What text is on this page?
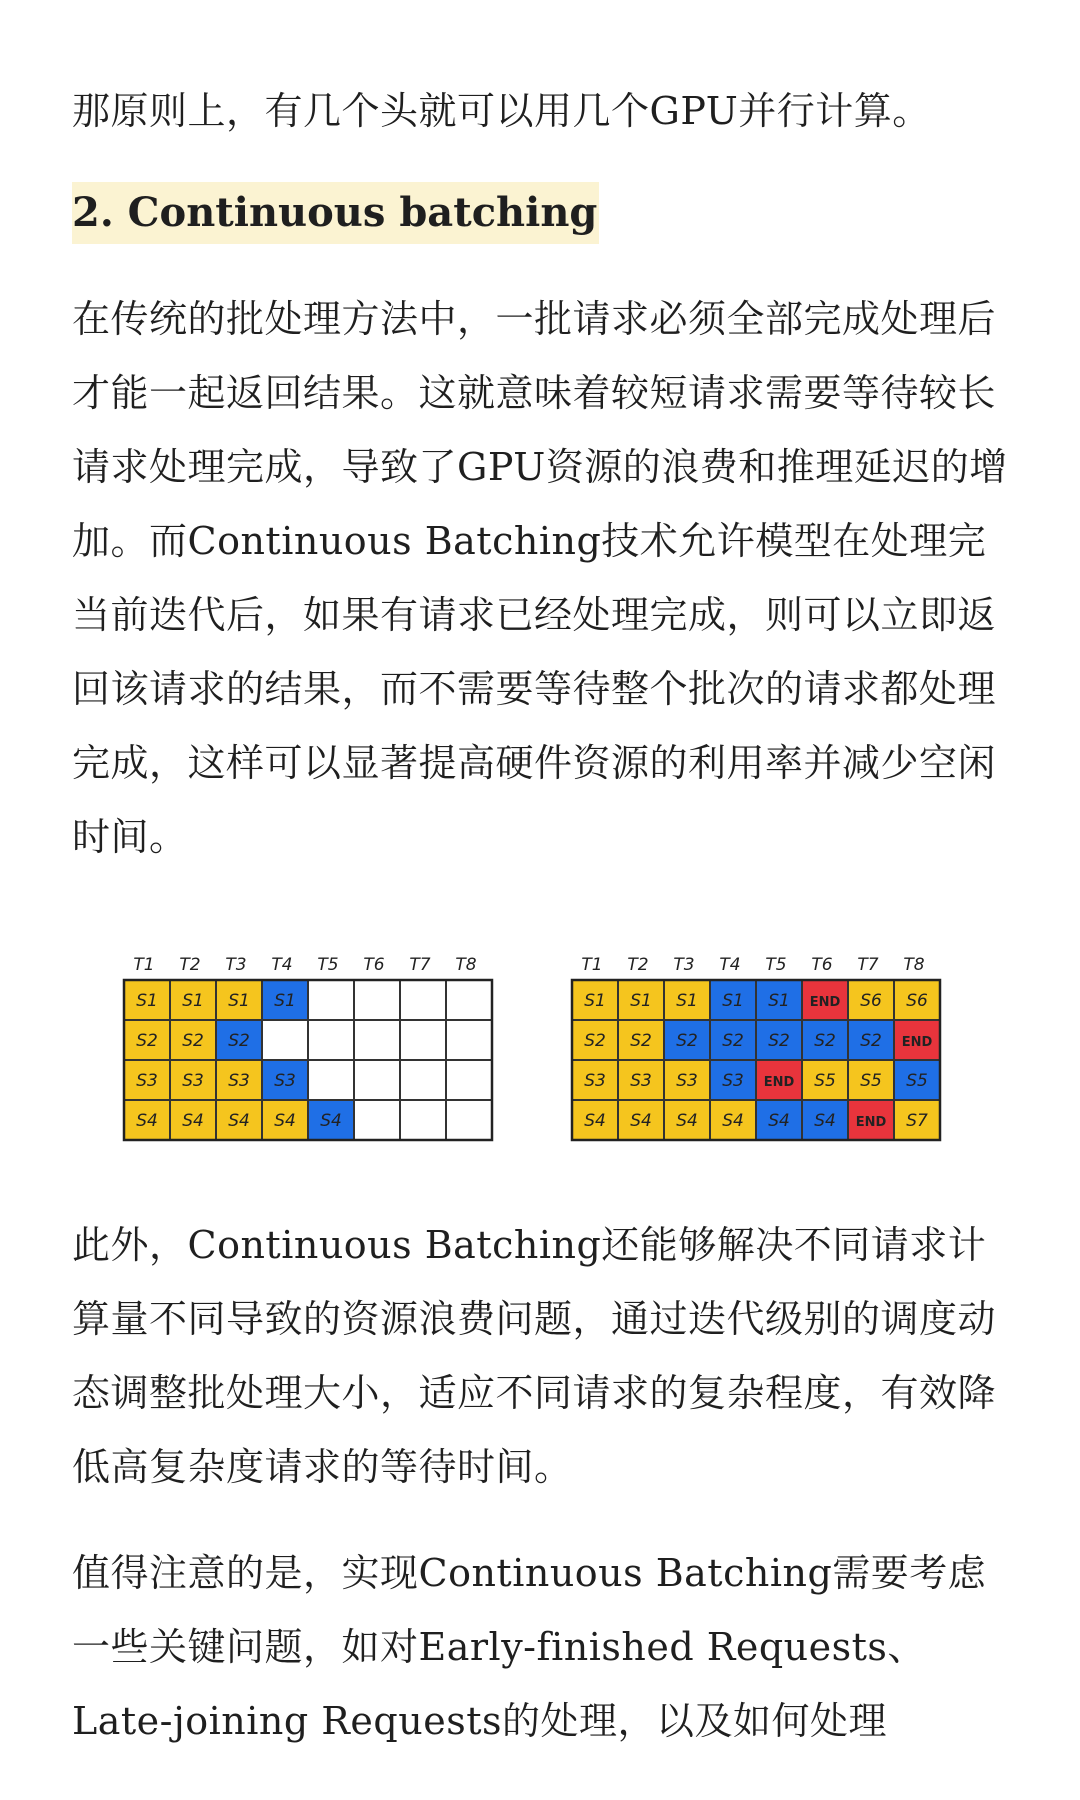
那原则上，有几个头就可以用几个GPU并行计算。

2. Continuous batching

在传统的批处理方法中，一批请求必须全部完成处理后才能一起返回结果。这就意味着较短请求需要等待较长请求处理完成，导致了GPU资源的浪费和推理延迟的增加。而Continuous Batching技术允许模型在处理完当前迭代后，如果有请求已经处理完成，则可以立即返回该请求的结果，而不需要等待整个批次的请求都处理完成，这样可以显著提高硬件资源的利用率并减少空闲时间。

T1 T2 T3 T4 T5 T6 T7 T8
S1 S1 S1 S1
S2 S2 S2
S3 S3 S3 S3
S4 S4 S4 S4 S4
T1 T2 T3 T4 T5 T6 T7 T8
S1 S1 S1 S1 S1 END S6 S6
S2 S2 S2 S2 S2 S2 S2 END
S3 S3 S3 S3 END S5 S5 S5
S4 S4 S4 S4 S4 S4 END S7

此外，Continuous Batching还能够解决不同请求计算量不同导致的资源浪费问题，通过迭代级别的调度动态调整批处理大小，适应不同请求的复杂程度，有效降低高复杂度请求的等待时间。

值得注意的是，实现Continuous Batching需要考虑一些关键问题，如对Early-finished Requests、Late-joining Requests的处理，以及如何处理
